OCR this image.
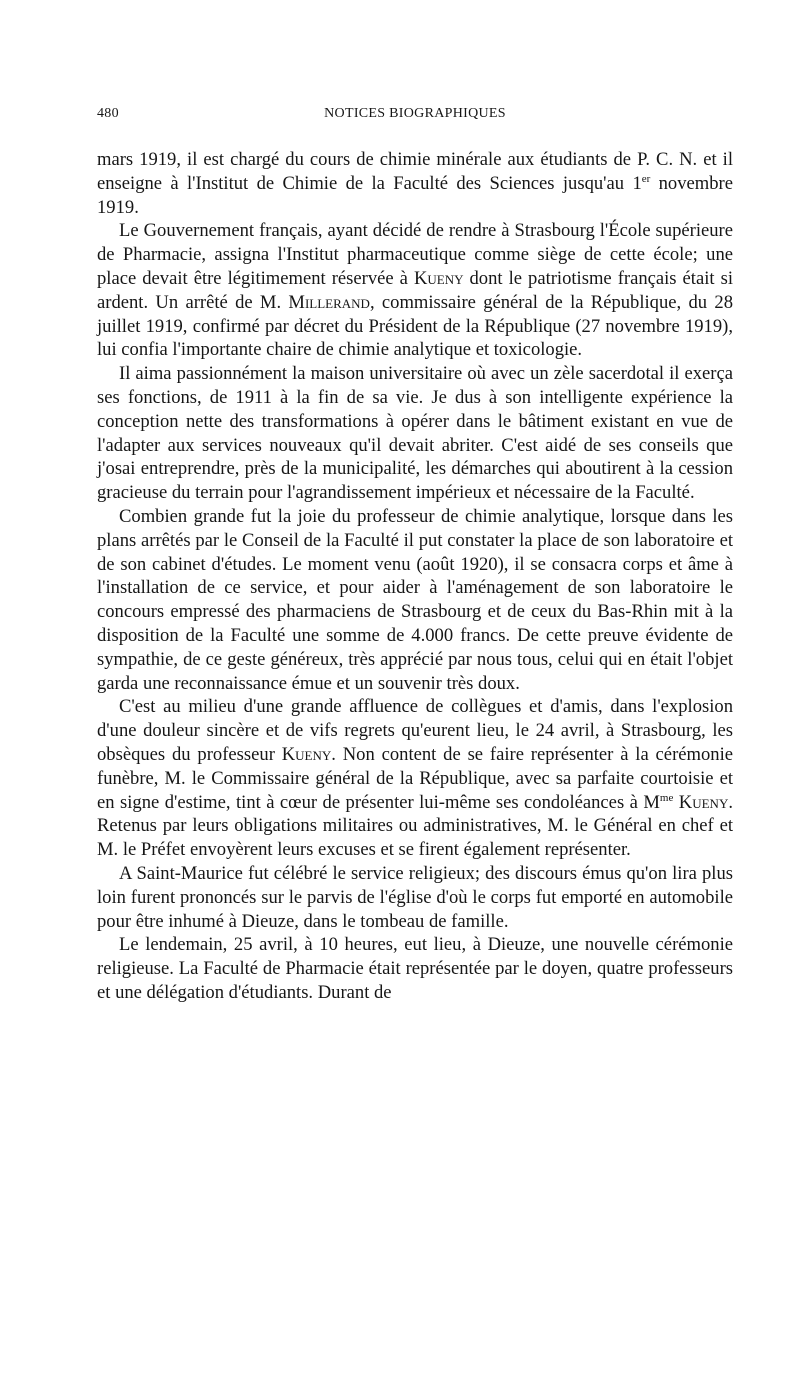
480	NOTICES BIOGRAPHIQUES

mars 1919, il est chargé du cours de chimie minérale aux étudiants de P. C. N. et il enseigne à l'Institut de Chimie de la Faculté des Sciences jusqu'au 1er novembre 1919.

Le Gouvernement français, ayant décidé de rendre à Strasbourg l'École supérieure de Pharmacie, assigna l'Institut pharmaceutique comme siège de cette école; une place devait être légitimement réservée à Kueny dont le patriotisme français était si ardent. Un arrêté de M. Millerand, commissaire général de la République, du 28 juillet 1919, confirmé par décret du Président de la République (27 novembre 1919), lui confia l'importante chaire de chimie analytique et toxicologie.

Il aima passionnément la maison universitaire où avec un zèle sacerdotal il exerça ses fonctions, de 1911 à la fin de sa vie. Je dus à son intelligente expérience la conception nette des transformations à opérer dans le bâtiment existant en vue de l'adapter aux services nouveaux qu'il devait abriter. C'est aidé de ses conseils que j'osai entreprendre, près de la municipalité, les démarches qui aboutirent à la cession gracieuse du terrain pour l'agrandissement impérieux et nécessaire de la Faculté.

Combien grande fut la joie du professeur de chimie analytique, lorsque dans les plans arrêtés par le Conseil de la Faculté il put constater la place de son laboratoire et de son cabinet d'études. Le moment venu (août 1920), il se consacra corps et âme à l'installation de ce service, et pour aider à l'aménagement de son laboratoire le concours empressé des pharmaciens de Strasbourg et de ceux du Bas-Rhin mit à la disposition de la Faculté une somme de 4.000 francs. De cette preuve évidente de sympathie, de ce geste généreux, très apprécié par nous tous, celui qui en était l'objet garda une reconnaissance émue et un souvenir très doux.

C'est au milieu d'une grande affluence de collègues et d'amis, dans l'explosion d'une douleur sincère et de vifs regrets qu'eurent lieu, le 24 avril, à Strasbourg, les obsèques du professeur Kueny. Non content de se faire représenter à la cérémonie funèbre, M. le Commissaire général de la République, avec sa parfaite courtoisie et en signe d'estime, tint à cœur de présenter lui-même ses condoléances à $M^{me}$ Kueny. Retenus par leurs obligations militaires ou administratives, M. le Général en chef et M. le Préfet envoyèrent leurs excuses et se firent également représenter.

A Saint-Maurice fut célébré le service religieux; des discours émus qu'on lira plus loin furent prononcés sur le parvis de l'église d'où le corps fut emporté en automobile pour être inhumé à Dieuze, dans le tombeau de famille.

Le lendemain, 25 avril, à 10 heures, eut lieu, à Dieuze, une nouvelle cérémonie religieuse. La Faculté de Pharmacie était représentée par le doyen, quatre professeurs et une délégation d'étudiants. Durant de
